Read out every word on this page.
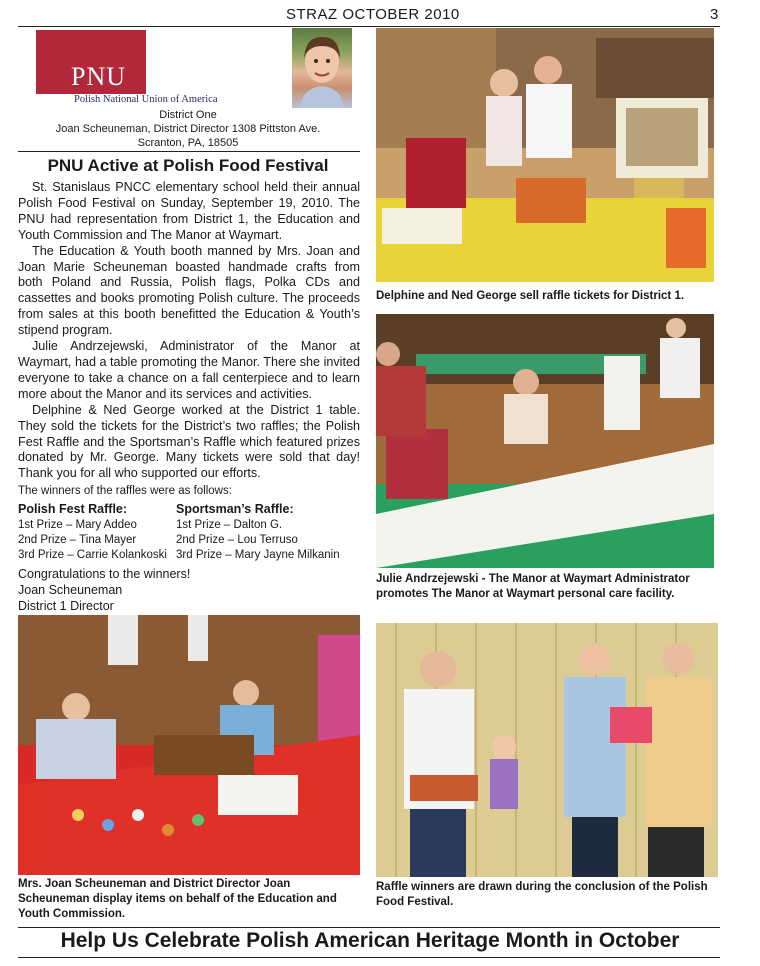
STRAZ OCTOBER 2010	3
PNU
Polish National Union of America
District One
Joan Scheuneman, District Director 1308 Pittston Ave.
Scranton, PA, 18505
PNU Active at Polish Food Festival

St. Stanislaus PNCC elementary school held their annual Polish Food Festival on Sunday, September 19, 2010. The PNU had representation from District 1, the Education and Youth Commission and The Manor at Waymart.

The Education & Youth booth manned by Mrs. Joan and Joan Marie Scheuneman boasted handmade crafts from both Poland and Russia, Polish flags, Polka CDs and cassettes and books promoting Polish culture. The proceeds from sales at this booth benefitted the Education & Youth’s stipend program.

Julie Andrzejewski, Administrator of the Manor at Waymart, had a table promoting the Manor. There she invited everyone to take a chance on a fall centerpiece and to learn more about the Manor and its services and activities.

Delphine & Ned George worked at the District 1 table. They sold the tickets for the District’s two raffles; the Polish Fest Raffle and the Sportsman’s Raffle which featured prizes donated by Mr. George. Many tickets were sold that day! Thank you for all who supported our efforts.

The winners of the raffles were as follows:
Polish Fest Raffle:	Sportsman’s Raffle:
1st Prize – Mary Addeo
2nd Prize – Tina Mayer
3rd Prize – Carrie Kolankoski
1st Prize – Dalton G.
2nd Prize – Lou Terruso
3rd Prize – Mary Jayne Milkanin
Congratulations to the winners!
Joan Scheuneman
District 1 Director
Delphine and Ned George sell raffle tickets for District 1.
Julie Andrzejewski - The Manor at Waymart Administrator promotes The Manor at Waymart personal care facility.
Mrs. Joan Scheuneman and District Director Joan Scheuneman display items on behalf of the Education and Youth Commission.
Raffle winners are drawn during the conclusion of the Polish Food Festival.
Help Us Celebrate Polish American Heritage Month in October
